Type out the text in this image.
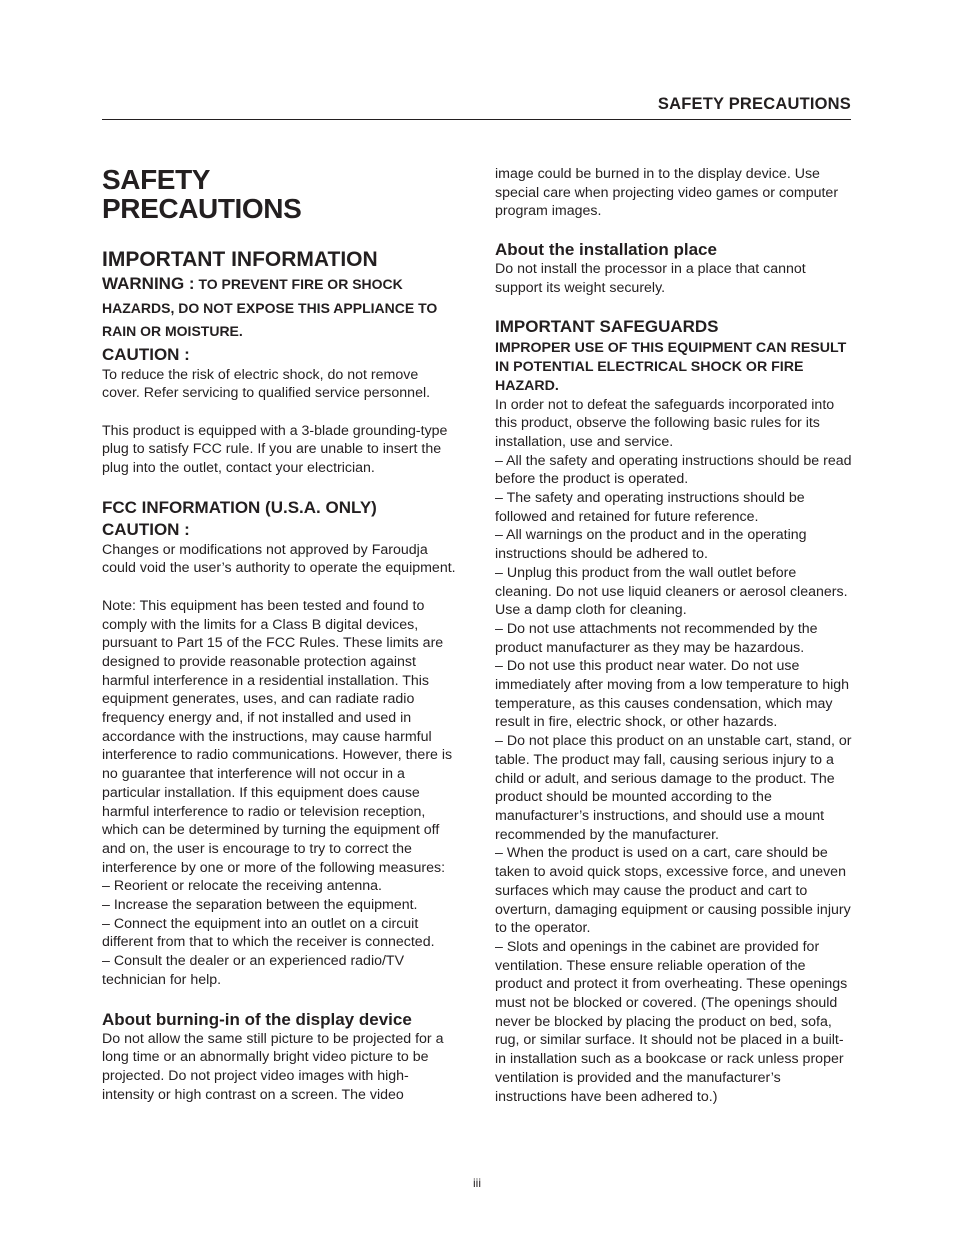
SAFETY PRECAUTIONS
SAFETY
PRECAUTIONS
IMPORTANT INFORMATION

WARNING : TO PREVENT FIRE OR SHOCK HAZARDS, DO NOT EXPOSE THIS APPLIANCE TO RAIN OR MOISTURE.

CAUTION :

To reduce the risk of electric shock, do not remove cover. Refer servicing to qualified service personnel.

This product is equipped with a 3-blade grounding-type plug to satisfy FCC rule. If you are unable to insert the plug into the outlet, contact your electrician.

FCC INFORMATION (U.S.A. ONLY)

CAUTION :

Changes or modifications not approved by Faroudja could void the user’s authority to operate the equipment.

Note: This equipment has been tested and found to comply with the limits for a Class B digital devices, pursuant to Part 15 of the FCC Rules. These limits are designed to provide reasonable protection against harmful interference in a residential installation. This equipment generates, uses, and can radiate radio frequency energy and, if not installed and used in accordance with the instructions, may cause harmful interference to radio communications. However, there is no guarantee that interference will not occur in a particular installation. If this equipment does cause harmful interference to radio or television reception, which can be determined by turning the equipment off and on, the user is encourage to try to correct the interference by one or more of the following measures:

– Reorient or relocate the receiving antenna.

– Increase the separation between the equipment.

– Connect the equipment into an outlet on a circuit different from that to which the receiver is connected.

– Consult the dealer or an experienced radio/TV technician for help.

About burning-in of the display device

Do not allow the same still picture to be projected for a long time or an abnormally bright video picture to be projected. Do not project video images with high-intensity or high contrast on a screen. The video

image could be burned in to the display device. Use special care when projecting video games or computer program images.

About the installation place

Do not install the processor in a place that cannot support its weight securely.

IMPORTANT SAFEGUARDS

IMPROPER USE OF THIS EQUIPMENT CAN RESULT IN POTENTIAL ELECTRICAL SHOCK OR FIRE HAZARD.

In order not to defeat the safeguards incorporated into this product, observe the following basic rules for its installation, use and service.

– All the safety and operating instructions should be read before the product is operated.

– The safety and operating instructions should be followed and retained for future reference.

– All warnings on the product and in the operating instructions should be adhered to.

– Unplug this product from the wall outlet before cleaning. Do not use liquid cleaners or aerosol cleaners. Use a damp cloth for cleaning.

– Do not use attachments not recommended by the product manufacturer as they may be hazardous.

– Do not use this product near water. Do not use immediately after moving from a low temperature to high temperature, as this causes condensation, which may result in fire, electric shock, or other hazards.

– Do not place this product on an unstable cart, stand, or table. The product may fall, causing serious injury to a child or adult, and serious damage to the product. The product should be mounted according to the manufacturer’s instructions, and should use a mount recommended by the manufacturer.

– When the product is used on a cart, care should be taken to avoid quick stops, excessive force, and uneven surfaces which may cause the product and cart to overturn, damaging equipment or causing possible injury to the operator.

– Slots and openings in the cabinet are provided for ventilation. These ensure reliable operation of the product and protect it from overheating. These openings must not be blocked or covered. (The openings should never be blocked by placing the product on bed, sofa, rug, or similar surface. It should not be placed in a built-in installation such as a bookcase or rack unless proper ventilation is provided and the manufacturer’s instructions have been adhered to.)

iii
